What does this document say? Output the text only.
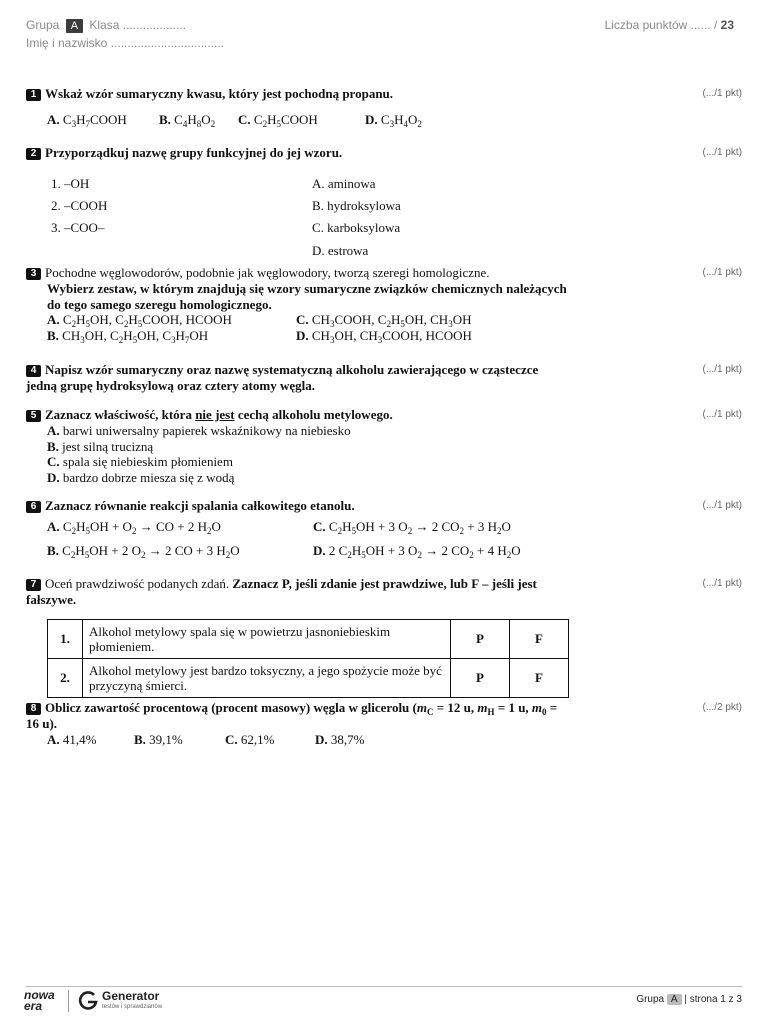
Grupa A Klasa ...................
Imię i nazwisko ..................................
Liczba punktów ...... / 23
1 Wskaż wzór sumaryczny kwasu, który jest pochodną propanu.	(.../1 pkt)
A. $C_3H_7COOH$ B. $C_4H_8O_2$ C. $C_2H_5COOH$	D. $C_3H_4O_2$
2 Przyporządkuj nazwę grupy funkcyjnej do jej wzoru.	(.../1 pkt)
1. –OH
2. –COOH
3. –COO–
A. aminowa
B. hydroksylowa
C. karboksylowa
D. estrowa
3 Pochodne węglowodorów, podobnie jak węglowodory, tworzą szeregi homologiczne.
Wybierz zestaw, w którym znajdują się wzory sumaryczne związków chemicznych należących do tego samego szeregu homologicznego.
(.../1 pkt)
A. $C_2H_5OH$, $C_2H_5COOH$, HCOOH	C. $CH_3COOH$, $C_2H_5OH$, $CH_3OH$
B. $CH_3OH$, $C_2H_5OH$, $C_3H_7OH$	D. $CH_3OH$, $CH_3COOH$, HCOOH
4 Napisz wzór sumaryczny oraz nazwę systematyczną alkoholu zawierającego w cząsteczce jedną grupę hydroksylową oraz cztery atomy węgla.
(.../1 pkt)
5 Zaznacz właściwość, która nie jest cechą alkoholu metylowego.	(.../1 pkt)
A. barwi uniwersalny papierek wskaźnikowy na niebiesko
B. jest silną trucizną
C. spala się niebieskim płomieniem
D. bardzo dobrze miesza się z wodą
6 Zaznacz równanie reakcji spalania całkowitego etanolu.	(.../1 pkt)
A. $C_2H_5OH + O_2$ → CO + 2 $H_2O$	C. $C_2H_5OH + 3$ $O_2 \to 2$ $CO_2 + 3$ $H_2O$
B. $C_2H_5OH + 2$ $O_2 \to 2$ CO + 3 $H_2O$	D. 2 $C_2H_5OH + 3$ $O_2 \to 2$ $CO_2 + 4$ $H_2O$
7 Oceń prawdziwość podanych zdań. Zaznacz P, jeśli zdanie jest prawdziwe, lub F – jeśli jest fałszywe.
(.../1 pkt)
1.	Alkohol metylowy spala się w powietrzu jasnoniebieskim płomieniem.	P	F
2.	Alkohol metylowy jest bardzo toksyczny, a jego spożycie może być przyczyną śmierci.	P	F
8 Oblicz zawartość procentową (procent masowy) węgla w glicerolu ($m_C = 12$ u, $m_H = 1$ u, $m_0 = 16$ u).
(.../2 pkt)
A. 41,4%	B. 39,1%	C. 62,1%	D. 38,7%
nowa
era
Generator
testów i sprawdzianów
Grupa A | strona 1 z 3
